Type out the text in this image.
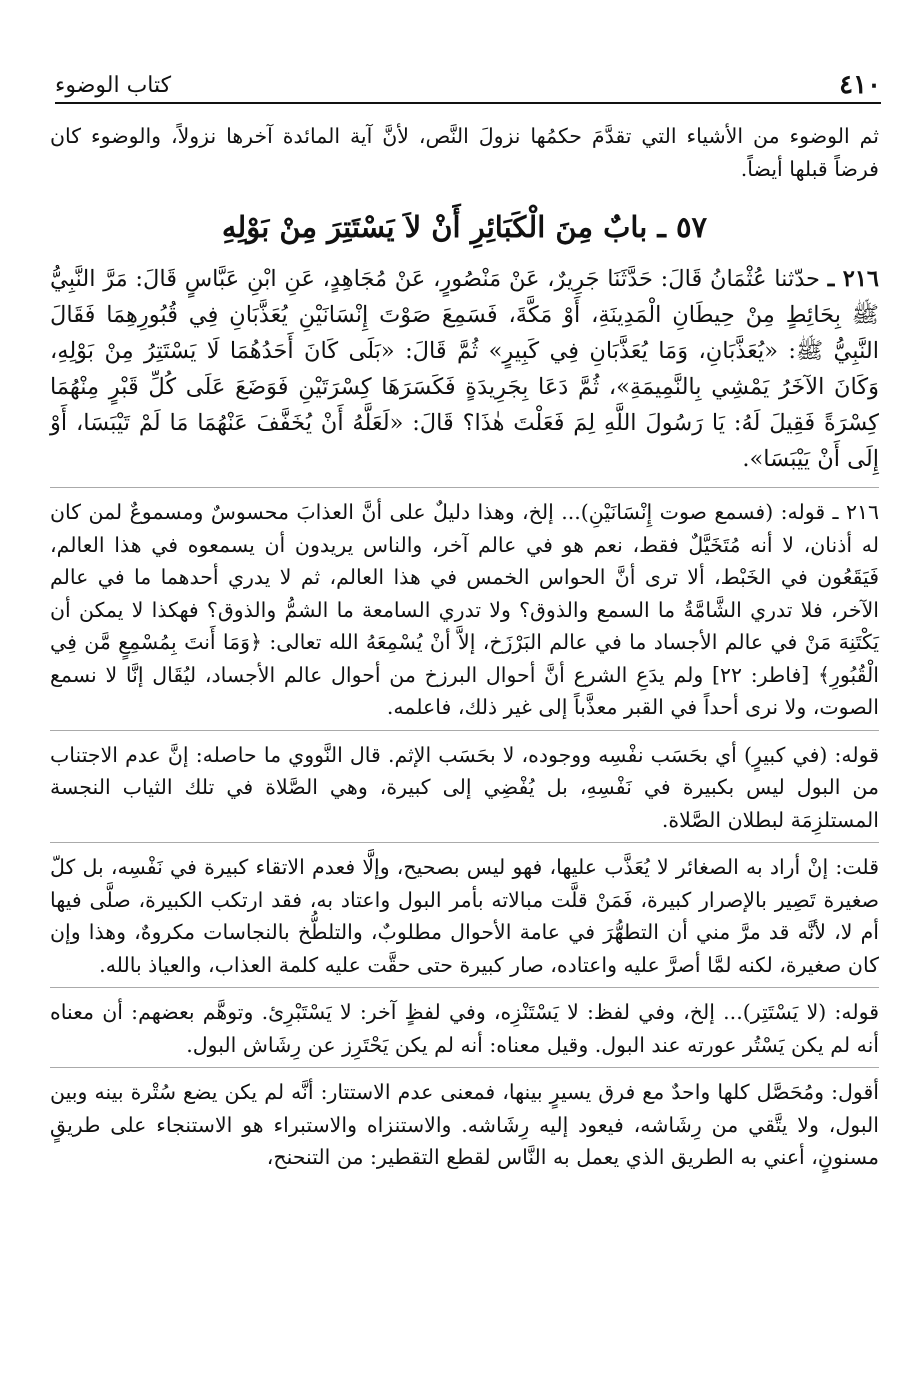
٤١٠
كتاب الوضوء

ثم الوضوء من الأشياء التي تقدَّمَ حكمُها نزولَ النَّص، لأنَّ آية المائدة آخرها نزولاً، والوضوء كان فرضاً قبلها أيضاً.

٥٧ ـ بابٌ مِنَ الْكَبَائِرِ أَنْ لاَ يَسْتَتِرَ مِنْ بَوْلِهِ

٢١٦ ـ حدّثنا عُثْمَانُ قَالَ: حَدَّثَنَا جَرِيرٌ، عَنْ مَنْصُورٍ، عَنْ مُجَاهِدٍ، عَنِ ابْنِ عَبَّاسٍ قَالَ: مَرَّ النَّبِيُّ ﷺ بِحَائِطٍ مِنْ حِيطَانِ الْمَدِينَةِ، أَوْ مَكَّةَ، فَسَمِعَ صَوْتَ إِنْسَانَيْنِ يُعَذَّبَانِ فِي قُبُورِهِمَا فَقَالَ النَّبِيُّ ﷺ: «يُعَذَّبَانِ، وَمَا يُعَذَّبَانِ فِي كَبِيرٍ» ثُمَّ قَالَ: «بَلَى كَانَ أَحَدُهُمَا لَا يَسْتَتِرُ مِنْ بَوْلِهِ، وَكَانَ الآخَرُ يَمْشِي بِالنَّمِيمَةِ»، ثُمَّ دَعَا بِجَرِيدَةٍ فَكَسَرَهَا كِسْرَتَيْنِ فَوَضَعَ عَلَى كُلِّ قَبْرٍ مِنْهُمَا كِسْرَةً فَقِيلَ لَهُ: يَا رَسُولَ اللَّهِ لِمَ فَعَلْتَ هٰذَا؟ قَالَ: «لَعَلَّهُ أَنْ يُخَفَّفَ عَنْهُمَا مَا لَمْ تَيْبَسَا، أَوْ إِلَى أَنْ يَيْبَسَا».

٢١٦ ـ قوله: (فسمع صوت إِنْسَانَيْنِ)... إلخ، وهذا دليلٌ على أنَّ العذابَ محسوسٌ ومسموعٌ لمن كان له أذنان، لا أنه مُتَخَيَّلٌ فقط، نعم هو في عالم آخر، والناس يريدون أن يسمعوه في هذا العالم، فَيَقَعُون في الخَبْط، ألا ترى أنَّ الحواس الخمس في هذا العالم، ثم لا يدري أحدهما ما في عالم الآخر، فلا تدري الشَّامَّةُ ما السمع والذوق؟ ولا تدري السامعة ما الشمُّ والذوق؟ فهكذا لا يمكن أن يَكْتَنِهَ مَنْ في عالم الأجساد ما في عالم البَرْزَخ، إلاَّ أنْ يُسْمِعَهُ الله تعالى: ﴿وَمَا أَنتَ بِمُسْمِعٍ مَّن فِي الْقُبُورِ﴾ [فاطر: ٢٢] ولم يدَعِ الشرع أنَّ أحوال البرزخ من أحوال عالم الأجساد، ليُقَال إنَّا لا نسمع الصوت، ولا نرى أحداً في القبر معذَّباً إلى غير ذلك، فاعلمه.

قوله: (في كبيرٍ) أي بحَسَب نفْسِه ووجوده، لا بحَسَب الإثم. قال النَّووي ما حاصله: إنَّ عدم الاجتناب من البول ليس بكبيرة في نَفْسِهِ، بل يُفْضِي إلى كبيرة، وهي الصَّلاة في تلك الثياب النجسة المستلزِمَة لبطلان الصَّلاة.

قلت: إنْ أراد به الصغائر لا يُعَذَّب عليها، فهو ليس بصحيح، وإلَّا فعدم الاتقاء كبيرة في نَفْسِه، بل كلّ صغيرة تَصِير بالإصرار كبيرة، فَمَنْ قلَّت مبالاته بأمر البول واعتاد به، فقد ارتكب الكبيرة، صلَّى فيها أم لا، لأنَّه قد مرَّ مني أن التطهُّرَ في عامة الأحوال مطلوبٌ، والتلطُّخ بالنجاسات مكروهٌ، وهذا وإن كان صغيرة، لكنه لمَّا أصرَّ عليه واعتاده، صار كبيرة حتى حقَّت عليه كلمة العذاب، والعياذ بالله.

قوله: (لا يَسْتَتِر)... إلخ، وفي لفظ: لا يَسْتَنْزِه، وفي لفظٍ آخر: لا يَسْتَبْرِئ. وتوهَّم بعضهم: أن معناه أنه لم يكن يَسْتُر عورته عند البول. وقيل معناه: أنه لم يكن يَحْتَرِز عن رِشَاش البول.

أقول: ومُحَصَّل كلها واحدٌ مع فرق يسيرٍ بينها، فمعنى عدم الاستتار: أنَّه لم يكن يضع سُتْرة بينه وبين البول، ولا يتَّقي من رِشَاشه، فيعود إليه رِشَاشه. والاستنزاه والاستبراء هو الاستنجاء على طريقٍ مسنونٍ، أعني به الطريق الذي يعمل به النَّاس لقطع التقطير: من التنحنح،
